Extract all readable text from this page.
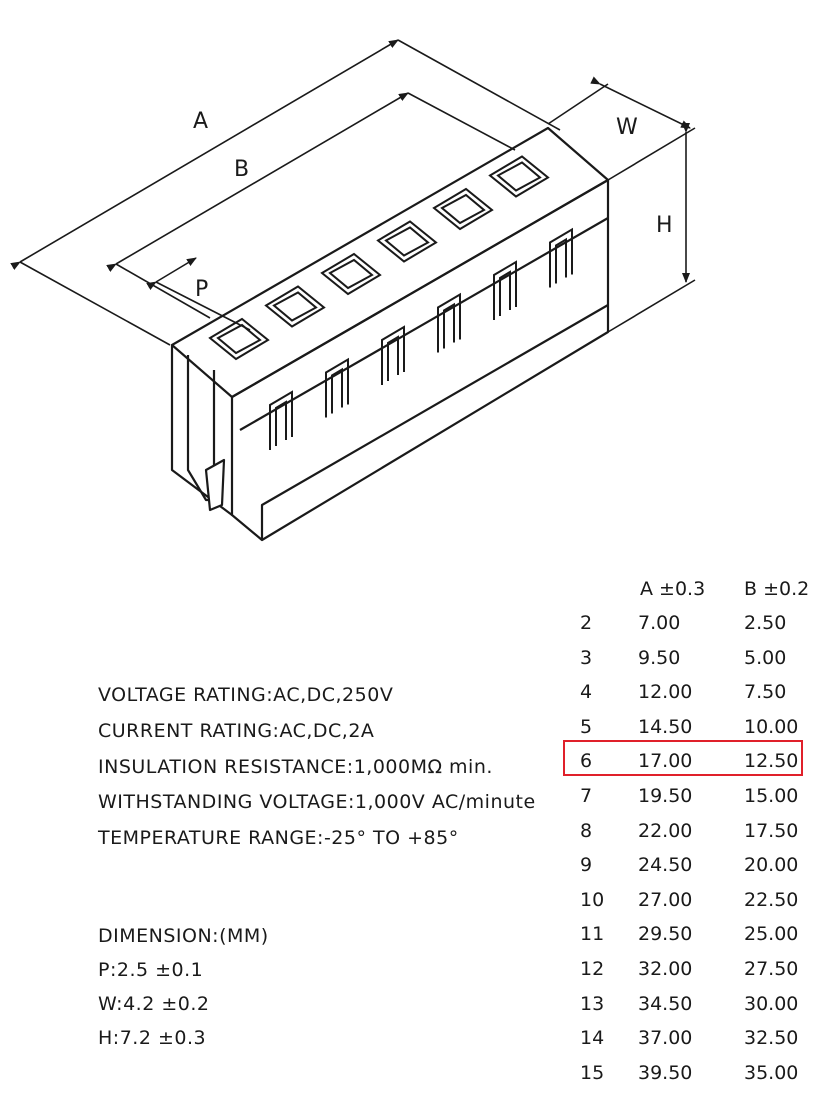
A
B
P
W
H
VOLTAGE RATING:AC,DC,250V
CURRENT RATING:AC,DC,2A
INSULATION RESISTANCE:1,000MΩ min.
WITHSTANDING VOLTAGE:1,000V AC/minute
TEMPERATURE RANGE:-25° TO +85°
DIMENSION:(MM)
P:2.5 ±0.1
W:4.2 ±0.2
H:7.2 ±0.3
A ±0.3 B ±0.2
2 7.00	2.50
3 9.50	5.00
4 12.00	7.50
5 14.50	10.00
6 17.00	12.50
7 19.50	15.00
8 22.00	17.50
9 24.50	20.00
10 27.00	22.50
11 29.50	25.00
12 32.00	27.50
13 34.50	30.00
14 37.00	32.50
15 39.50	35.00
